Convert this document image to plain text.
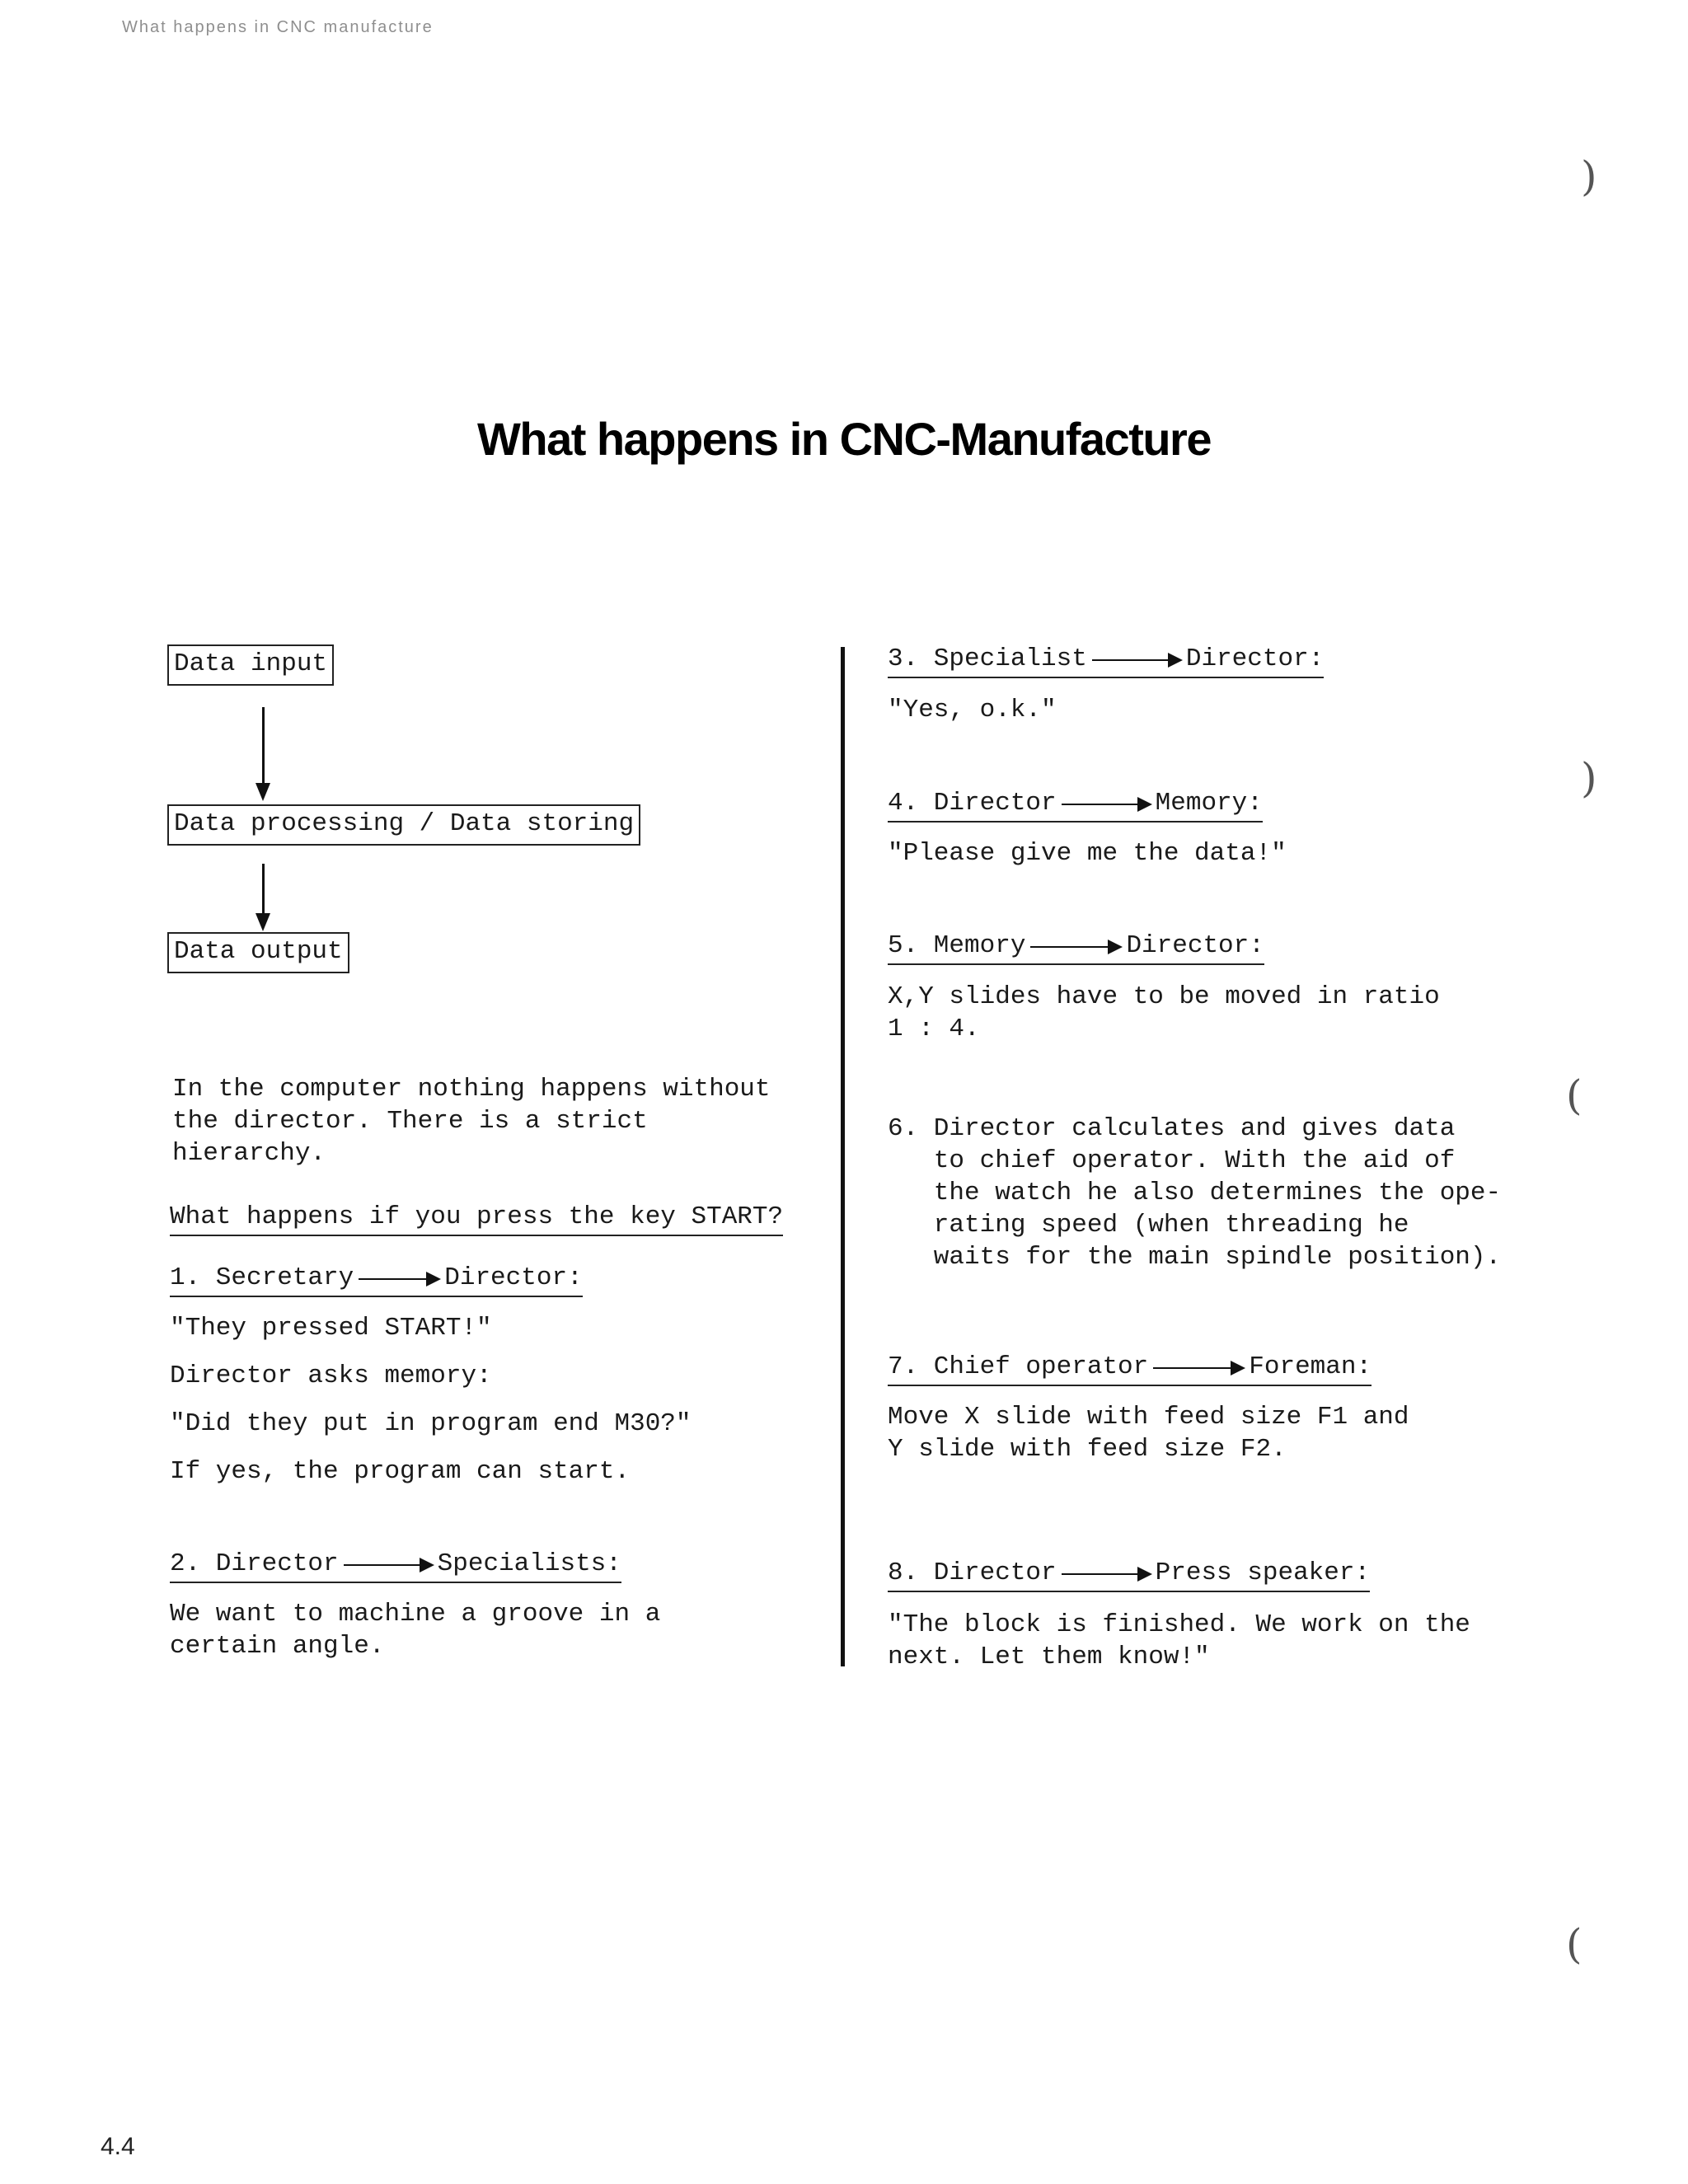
What happens in CNC manufacture
What happens in CNC-Manufacture
Data input
Data processing / Data storing
Data output
In the computer nothing happens without
the director. There is a strict
hierarchy.
What happens if you press the key START?
1. Secretary	Director:
"They pressed START!"
Director asks memory:
"Did they put in program end M30?"
If yes, the program can start.
2. Director	Specialists:
We want to machine a groove in a
certain angle.
3. Specialist	Director:
"Yes, o.k."
4. Director	Memory:
"Please give me the data!"
5. Memory	Director:
X,Y slides have to be moved in ratio
1 : 4.
6. Director calculates and gives data
to chief operator. With the aid of
the watch he also determines the ope-
rating speed (when threading he
waits for the main spindle position).
7. Chief operator	Foreman:
Move X slide with feed size F1 and
Y slide with feed size F2.
8. Director	Press speaker:
"The block is finished. We work on the
next. Let them know!"
)
)
(
(
4.4
